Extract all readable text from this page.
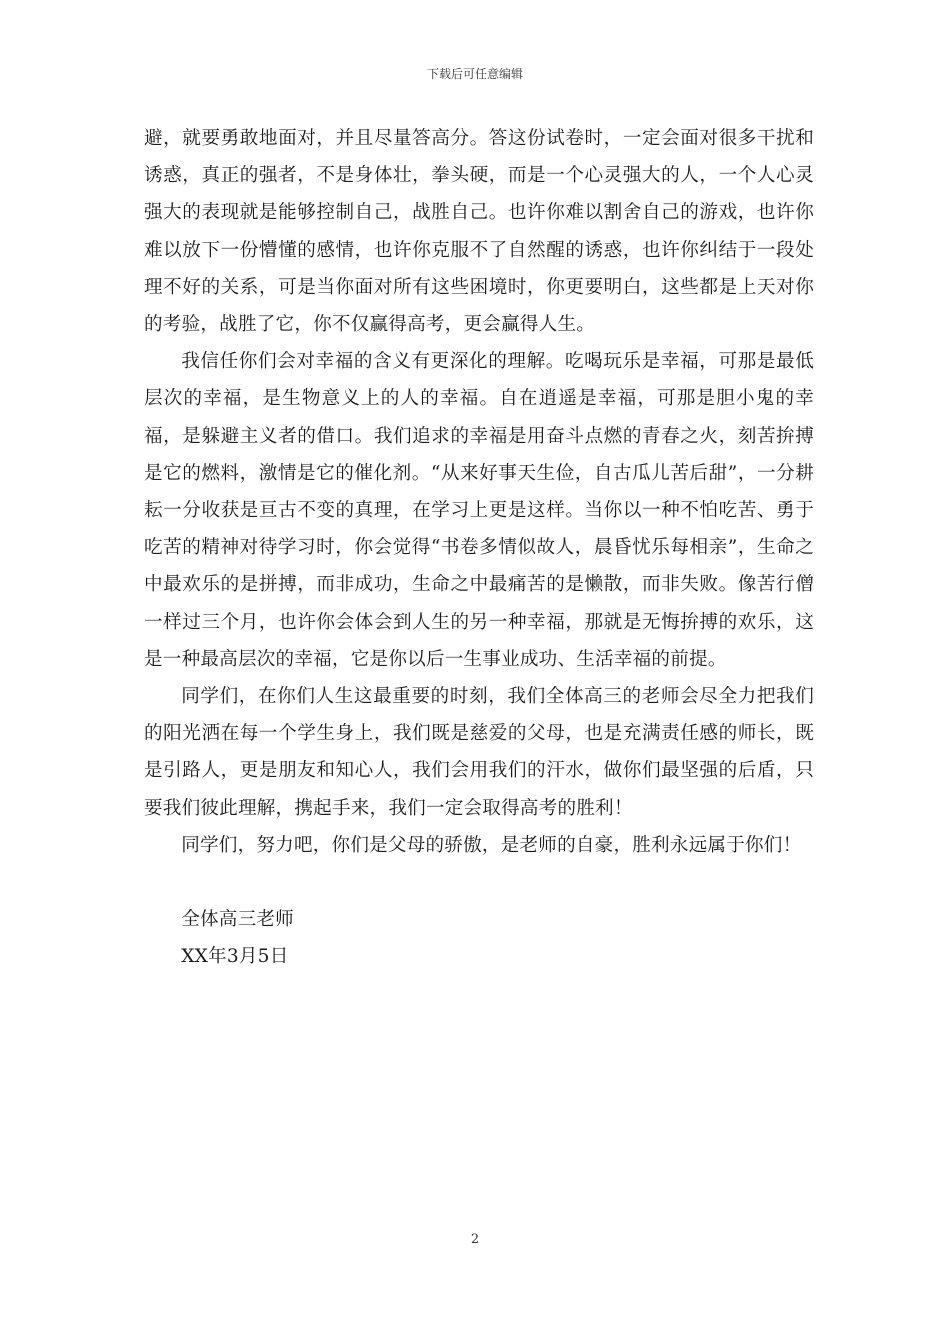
下载后可任意编辑

避，就要勇敢地面对，并且尽量答高分。答这份试卷时，一定会面对很多干扰和诱惑，真正的强者，不是身体壮，拳头硬，而是一个心灵强大的人，一个人心灵强大的表现就是能够控制自己，战胜自己。也许你难以割舍自己的游戏，也许你难以放下一份懵懂的感情，也许你克服不了自然醒的诱惑，也许你纠结于一段处理不好的关系，可是当你面对所有这些困境时，你更要明白，这些都是上天对你的考验，战胜了它，你不仅赢得高考，更会赢得人生。

我信任你们会对幸福的含义有更深化的理解。吃喝玩乐是幸福，可那是最低层次的幸福，是生物意义上的人的幸福。自在逍遥是幸福，可那是胆小鬼的幸福，是躲避主义者的借口。我们追求的幸福是用奋斗点燃的青春之火，刻苦拚搏是它的燃料，激情是它的催化剂。“从来好事天生俭，自古瓜儿苦后甜”，一分耕耘一分收获是亘古不变的真理，在学习上更是这样。当你以一种不怕吃苦、勇于吃苦的精神对待学习时，你会觉得“书卷多情似故人，晨昏忧乐每相亲”，生命之中最欢乐的是拼搏，而非成功，生命之中最痛苦的是懒散，而非失败。像苦行僧一样过三个月，也许你会体会到人生的另一种幸福，那就是无悔拚搏的欢乐，这是一种最高层次的幸福，它是你以后一生事业成功、生活幸福的前提。

同学们，在你们人生这最重要的时刻，我们全体高三的老师会尽全力把我们的阳光洒在每一个学生身上，我们既是慈爱的父母，也是充满责任感的师长，既是引路人，更是朋友和知心人，我们会用我们的汗水，做你们最坚强的后盾，只要我们彼此理解，携起手来，我们一定会取得高考的胜利！

同学们，努力吧，你们是父母的骄傲，是老师的自豪，胜利永远属于你们！

全体高三老师

XX年3月5日

2
